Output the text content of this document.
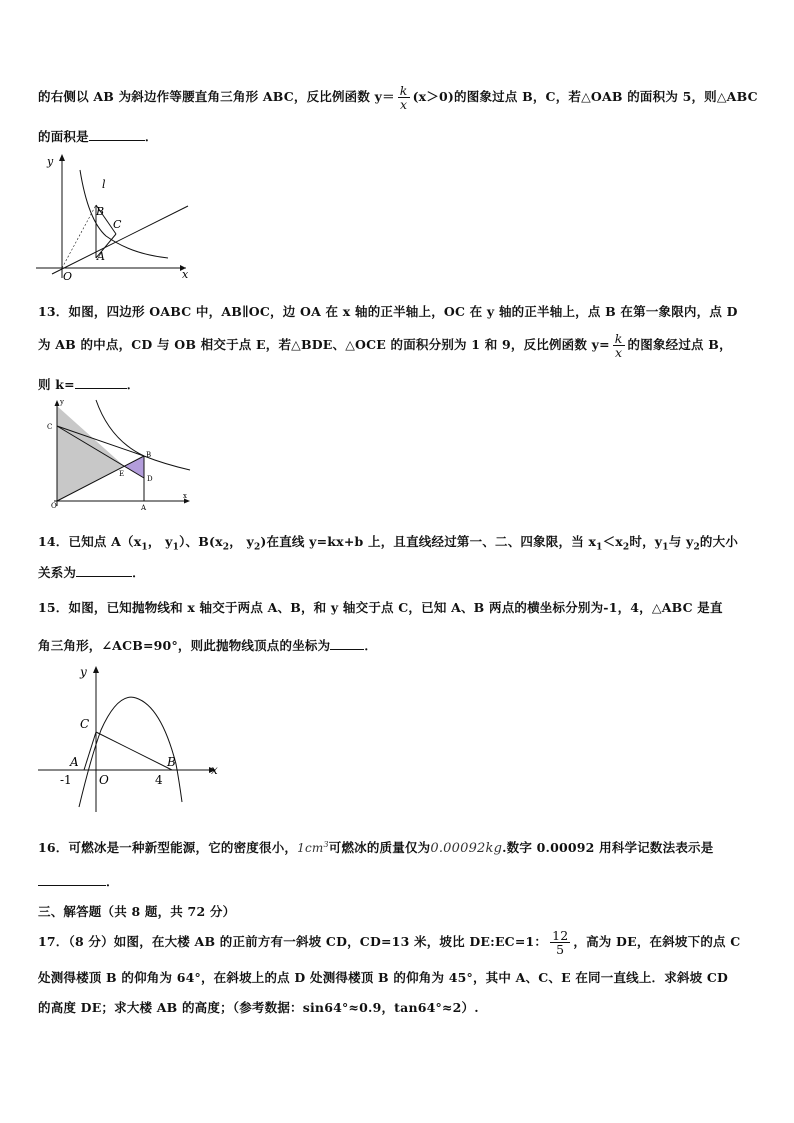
的右侧以 AB 为斜边作等腰直角三角形 ABC，反比例函数 $y= \frac{k}{x} (x>0)$的图象过点 B，C，若△OAB 的面积为 5，则△ABC
的面积是	．
y
l
B
C
A
O	x
13．如图，四边形 OABC 中，AB∥OC，边 OA 在 x 轴的正半轴上，OC 在 y 轴的正半轴上，点 B 在第一象限内，点 D
为 AB 的中点，CD 与 OB 相交于点 E，若△BDE、△OCE 的面积分别为 1 和 9，反比例函数 $y= \frac{k}{x}$ 的图象经过点 B，
则 k=	．
y
C
B
E
D
O	A
x
14．已知点 $A(x_1$， $y_1$）、$B(x_2$， $y_2$)在直线 y=kx+b 上，且直线经过第一、二、四象限，当 $x_1<x_2$时，$y_1$与 $y_2$的大小
关系为	．
15．如图，已知抛物线和 x 轴交于两点 A、B，和 y 轴交于点 C，已知 A、B 两点的横坐标分别为-1，4，△ABC 是直
角三角形，∠ACB=90°，则此抛物线顶点的坐标为	．
y
C
A	B
-1 O	4
x
16．可燃冰是一种新型能源，它的密度很小，$1cm^3$可燃冰的质量仅为0.00092kg.数字 0.00092 用科学记数法表示是
．
三、解答题（共 8 题，共 72 分）
17．（8 分）如图，在大楼 AB 的正前方有一斜坡 CD，CD=13 米，坡比 DE:EC=1： $\frac{12}{5}$ ，高为 DE，在斜坡下的点 C
处测得楼顶 B 的仰角为 64°，在斜坡上的点 D 处测得楼顶 B 的仰角为 45°，其中 A、C、E 在同一直线上．求斜坡 CD
的高度 DE；求大楼 AB 的高度；（参考数据：sin64°≈0.9，tan64°≈2）.
